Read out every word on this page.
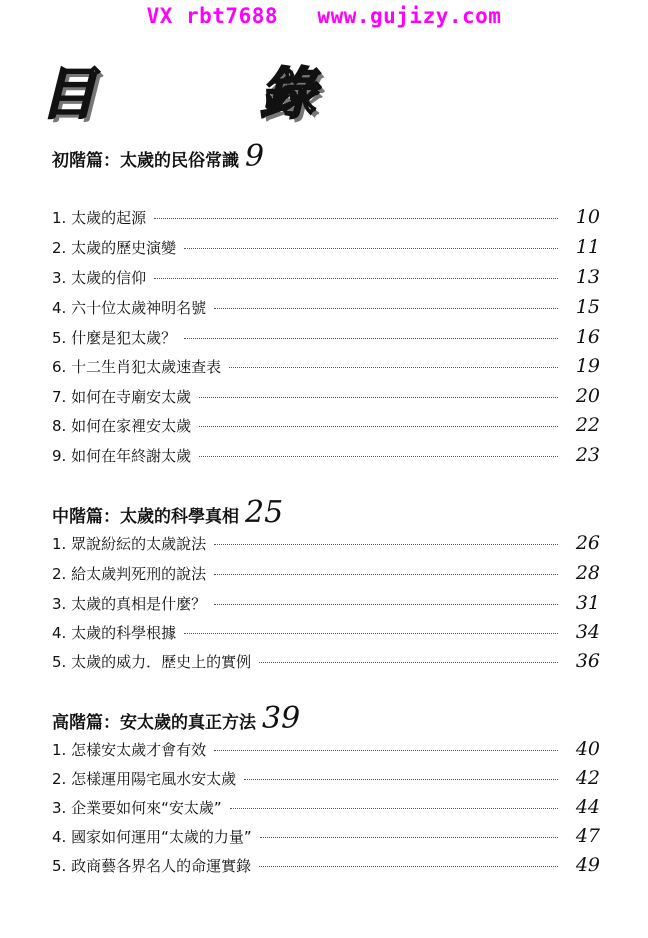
VX rbt7688   www.gujizy.com
目 錄
初階篇：太歲的民俗常識 9
1. 太歲的起源	10
2. 太歲的歷史演變	11
3. 太歲的信仰	13
4. 六十位太歲神明名號	15
5. 什麼是犯太歲？	16
6. 十二生肖犯太歲速查表	19
7. 如何在寺廟安太歲	20
8. 如何在家裡安太歲	22
9. 如何在年終謝太歲	23
中階篇：太歲的科學真相 25
1. 眾說紛紜的太歲說法	26
2. 給太歲判死刑的說法	28
3. 太歲的真相是什麼？	31
4. 太歲的科學根據	34
5. 太歲的威力．歷史上的實例	36
高階篇：安太歲的真正方法 39
1. 怎樣安太歲才會有效	40
2. 怎樣運用陽宅風水安太歲	42
3. 企業要如何來“安太歲”	44
4. 國家如何運用“太歲的力量”	47
5. 政商藝各界名人的命運實錄	49
